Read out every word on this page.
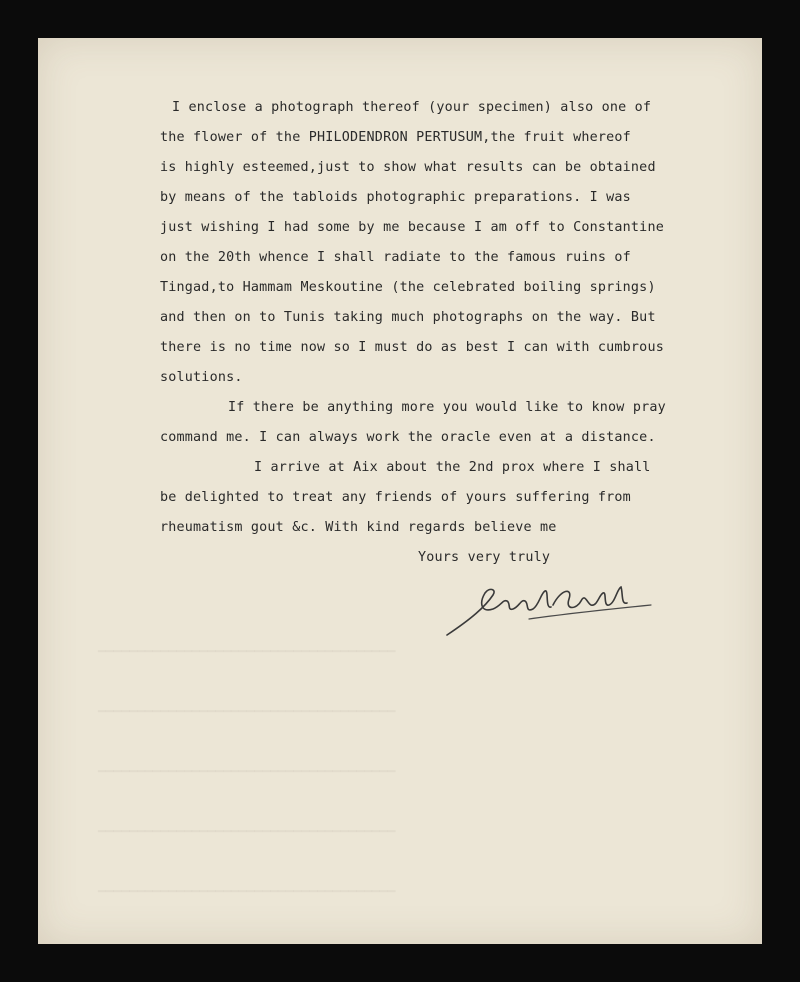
▁▁▁▁▁▁▁▁▁▁▁▁▁▁▁▁▁▁▁▁▁▁▁▁▁▁▁▁▁▁▁▁▁▁▁▁▁▁
▁▁▁▁▁▁▁▁▁▁▁▁▁▁▁▁▁▁▁▁▁▁▁▁▁▁▁▁▁▁▁▁▁▁▁▁▁▁
▁▁▁▁▁▁▁▁▁▁▁▁▁▁▁▁▁▁▁▁▁▁▁▁▁▁▁▁▁▁▁▁▁▁▁▁▁▁
▁▁▁▁▁▁▁▁▁▁▁▁▁▁▁▁▁▁▁▁▁▁▁▁▁▁▁▁▁▁▁▁▁▁▁▁▁▁
▁▁▁▁▁▁▁▁▁▁▁▁▁▁▁▁▁▁▁▁▁▁▁▁▁▁▁▁▁▁▁▁▁▁▁▁▁▁
I enclose a photograph thereof (your specimen) also one of
the flower of the PHILODENDRON PERTUSUM,the fruit whereof
is highly esteemed,just to show what results can be obtained
by means of the tabloids photographic preparations. I was
just wishing I had some by me because I am off to Constantine
on the 20th whence I shall radiate to the famous ruins of
Tingad,to Hammam Meskoutine (the celebrated boiling springs)
and then on to Tunis taking much photographs on the way. But
there is no time now so I must do as best I can with cumbrous
solutions.
If there be anything more you would like to know pray
command me. I can always work the oracle even at a distance.
I arrive at Aix about the 2nd prox where I shall
be delighted to treat any friends of yours suffering from
rheumatism gout &c. With kind regards believe me
Yours very truly
